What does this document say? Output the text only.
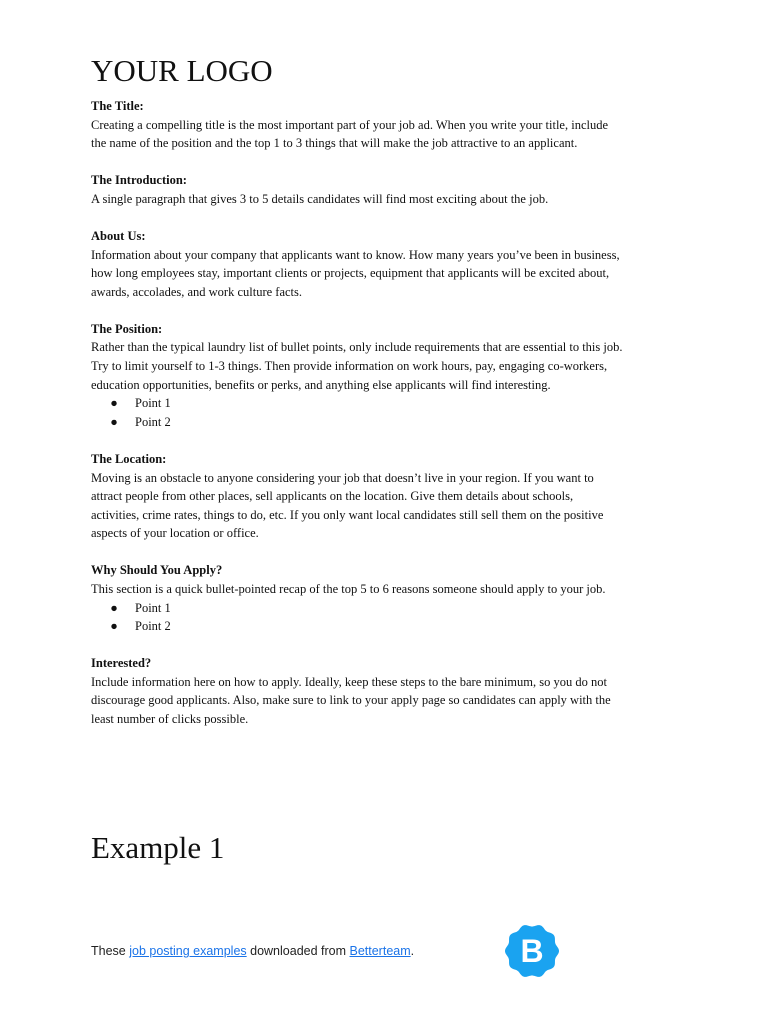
YOUR LOGO
The Title:
Creating a compelling title is the most important part of your job ad. When you write your title, include
the name of the position and the top 1 to 3 things that will make the job attractive to an applicant.
The Introduction:
A single paragraph that gives 3 to 5 details candidates will find most exciting about the job.
About Us:
Information about your company that applicants want to know. How many years you’ve been in business,
how long employees stay, important clients or projects, equipment that applicants will be excited about,
awards, accolades, and work culture facts.
The Position:
Rather than the typical laundry list of bullet points, only include requirements that are essential to this job.
Try to limit yourself to 1-3 things. Then provide information on work hours, pay, engaging co-workers,
education opportunities, benefits or perks, and anything else applicants will find interesting.
● Point 1
● Point 2
The Location:
Moving is an obstacle to anyone considering your job that doesn’t live in your region. If you want to
attract people from other places, sell applicants on the location. Give them details about schools,
activities, crime rates, things to do, etc. If you only want local candidates still sell them on the positive
aspects of your location or office.
Why Should You Apply?
This section is a quick bullet-pointed recap of the top 5 to 6 reasons someone should apply to your job.
● Point 1
● Point 2
Interested?
Include information here on how to apply. Ideally, keep these steps to the bare minimum, so you do not
discourage good applicants. Also, make sure to link to your apply page so candidates can apply with the
least number of clicks possible.
Example 1
These job posting examples downloaded from Betterteam.	B
